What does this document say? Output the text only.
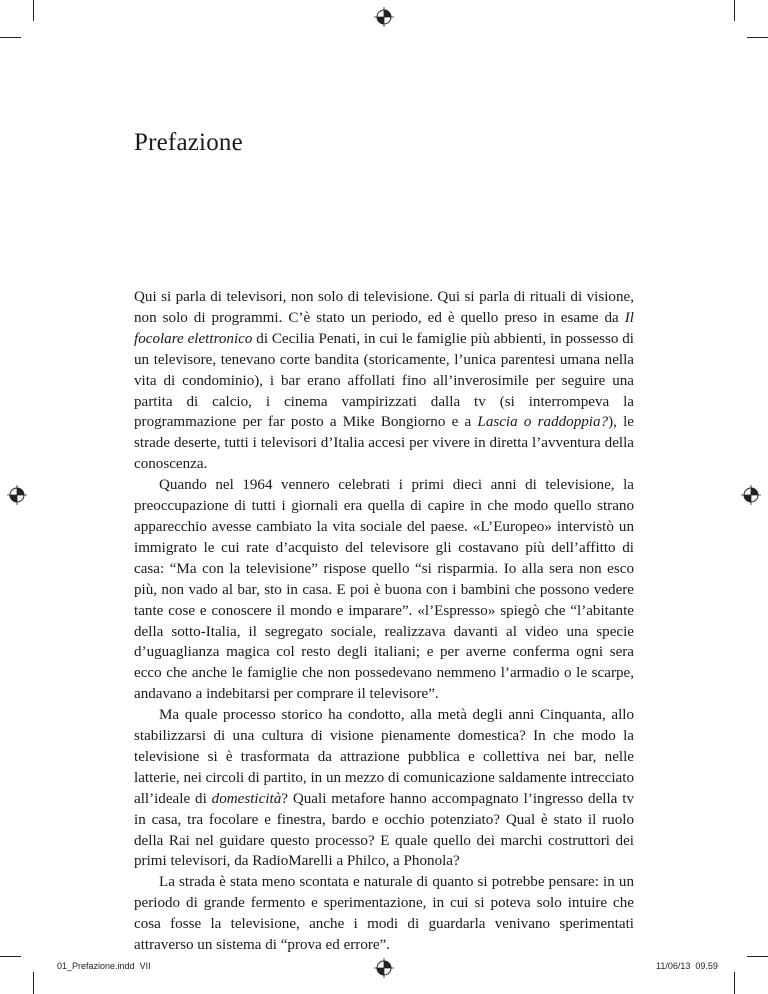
Prefazione

Qui si parla di televisori, non solo di televisione. Qui si parla di rituali di visione, non solo di programmi. C’è stato un periodo, ed è quello preso in esame da Il focolare elettronico di Cecilia Penati, in cui le famiglie più abbienti, in possesso di un televisore, tenevano corte bandita (storicamente, l’unica parentesi umana nella vita di condominio), i bar erano affollati fino all’inverosimile per seguire una partita di calcio, i cinema vampirizzati dalla tv (si interrompeva la programmazione per far posto a Mike Bongiorno e a Lascia o raddoppia?), le strade deserte, tutti i televisori d’Italia accesi per vivere in diretta l’avventura della conoscenza.

Quando nel 1964 vennero celebrati i primi dieci anni di televisione, la preoccupazione di tutti i giornali era quella di capire in che modo quello strano apparecchio avesse cambiato la vita sociale del paese. «L’Europeo» intervistò un immigrato le cui rate d’acquisto del televisore gli costavano più dell’affitto di casa: “Ma con la televisione” rispose quello “si risparmia. Io alla sera non esco più, non vado al bar, sto in casa. E poi è buona con i bambini che possono vedere tante cose e conoscere il mondo e imparare”. «l’Espresso» spiegò che “l’abitante della sotto-Italia, il segregato sociale, realizzava davanti al video una specie d’uguaglianza magica col resto degli italiani; e per averne conferma ogni sera ecco che anche le famiglie che non possedevano nemmeno l’armadio o le scarpe, andavano a indebitarsi per comprare il televisore”.

Ma quale processo storico ha condotto, alla metà degli anni Cinquanta, allo stabilizzarsi di una cultura di visione pienamente domestica? In che modo la televisione si è trasformata da attrazione pubblica e collettiva nei bar, nelle latterie, nei circoli di partito, in un mezzo di comunicazione saldamente intrecciato all’ideale di domesticità? Quali metafore hanno accompagnato l’ingresso della tv in casa, tra focolare e finestra, bardo e occhio potenziato? Qual è stato il ruolo della Rai nel guidare questo processo? E quale quello dei marchi costruttori dei primi televisori, da RadioMarelli a Philco, a Phonola?

La strada è stata meno scontata e naturale di quanto si potrebbe pensare: in un periodo di grande fermento e sperimentazione, in cui si poteva solo intuire che cosa fosse la televisione, anche i modi di guardarla venivano sperimentati attraverso un sistema di “prova ed errore”.

01_Prefazione.indd VII	11/06/13 09.59
